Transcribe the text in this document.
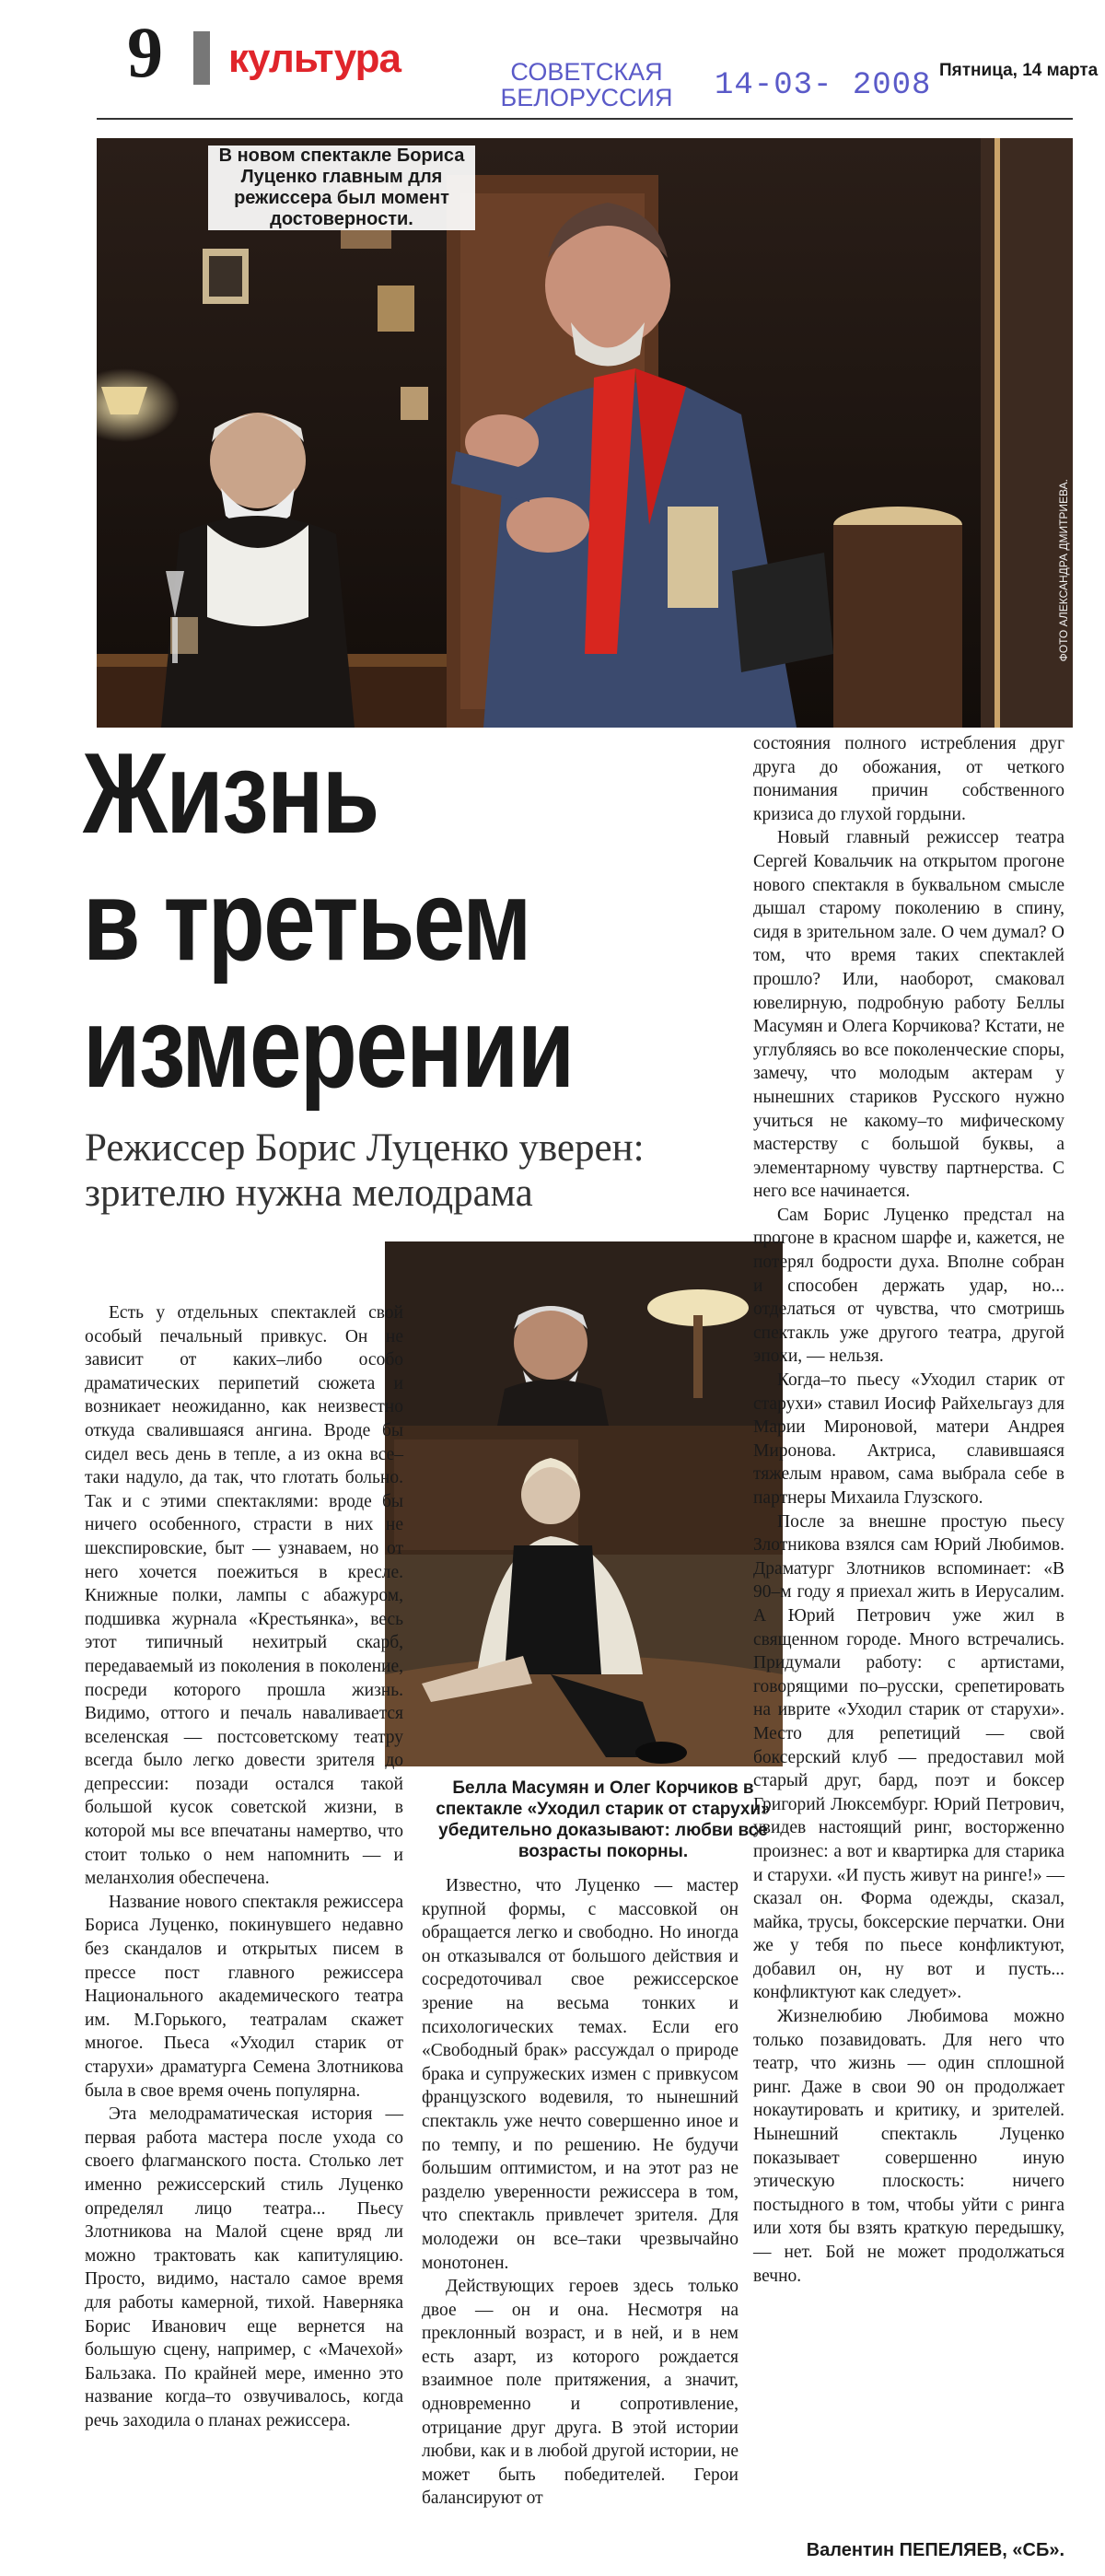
9 культура	СОВЕТСКАЯ
БЕЛОРУССИЯ 14-03- 2008 Пятница, 14 марта
В новом спектакле Бориса Луценко главным для режиссера был момент достоверности.
ФОТО АЛЕКСАНДРА ДМИТРИЕВА.
Жизнь
в третьем
измерении
Режиссер Борис Луценко уверен: зрителю нужна мелодрама
Белла Масумян и Олег Корчиков в спектакле «Уходил старик от старухи» убедительно доказывают: любви все возрасты покорны.

Есть у отдельных спектаклей свой особый печальный привкус. Он не зависит от каких–либо особо драматических перипетий сюжета и возникает неожиданно, как неизвестно откуда свалившаяся ангина. Вроде бы сидел весь день в тепле, а из окна все–таки надуло, да так, что глотать больно. Так и с этими спектаклями: вроде бы ничего особенного, страсти в них не шекспировские, быт — узнаваем, но от него хочется поежиться в кресле. Книжные полки, лампы с абажуром, подшивка журнала «Крестьянка», весь этот типичный нехитрый скарб, передаваемый из поколения в поколение, посреди которого прошла жизнь. Видимо, оттого и печаль наваливается вселенская — постсоветскому театру всегда было легко довести зрителя до депрессии: позади остался такой большой кусок советской жизни, в которой мы все впечатаны намертво, что стоит только о нем напомнить — и меланхолия обеспечена.

Название нового спектакля режиссера Бориса Луценко, покинувшего недавно без скандалов и открытых писем в прессе пост главного режиссера Национального академического театра им. М.Горького, театралам скажет многое. Пьеса «Уходил старик от старухи» драматурга Семена Злотникова была в свое время очень популярна.

Эта мелодраматическая история — первая работа мастера после ухода со своего флагманского поста. Столько лет именно режиссерский стиль Луценко определял лицо театра... Пьесу Злотникова на Малой сцене вряд ли можно трактовать как капитуляцию. Просто, видимо, настало самое время для работы камерной, тихой. Наверняка Борис Иванович еще вернется на большую сцену, например, с «Мачехой» Бальзака. По крайней мере, именно это название когда–то озвучивалось, когда речь заходила о планах режиссера.

Известно, что Луценко — мастер крупной формы, с массовкой он обращается легко и свободно. Но иногда он отказывался от большого действия и сосредоточивал свое режиссерское зрение на весьма тонких и психологических темах. Если его «Свободный брак» рассуждал о природе брака и супружеских измен с привкусом французского водевиля, то нынешний спектакль уже нечто совершенно иное и по темпу, и по решению. Не будучи большим оптимистом, и на этот раз не разделю уверенности режиссера в том, что спектакль привлечет зрителя. Для молодежи он все–таки чрезвычайно монотонен.

Действующих героев здесь только двое — он и она. Несмотря на преклонный возраст, и в ней, и в нем есть азарт, из которого рождается взаимное поле притяжения, а значит, одновременно и сопротивление, отрицание друг друга. В этой истории любви, как и в любой другой истории, не может быть победителей. Герои балансируют от

состояния полного истребления друг друга до обожания, от четкого понимания причин собственного кризиса до глухой гордыни.

Новый главный режиссер театра Сергей Ковальчик на открытом прогоне нового спектакля в буквальном смысле дышал старому поколению в спину, сидя в зрительном зале. О чем думал? О том, что время таких спектаклей прошло? Или, наоборот, смаковал ювелирную, подробную работу Беллы Масумян и Олега Корчикова? Кстати, не углубляясь во все поколенческие споры, замечу, что молодым актерам у нынешних стариков Русского нужно учиться не какому–то мифическому мастерству с большой буквы, а элементарному чувству партнерства. С него все начинается.

Сам Борис Луценко предстал на прогоне в красном шарфе и, кажется, не потерял бодрости духа. Вполне собран и способен держать удар, но... отделаться от чувства, что смотришь спектакль уже другого театра, другой эпохи, — нельзя.

Когда–то пьесу «Уходил старик от старухи» ставил Иосиф Райхельгауз для Марии Мироновой, матери Андрея Миронова. Актриса, славившаяся тяжелым нравом, сама выбрала себе в партнеры Михаила Глузского.

После за внешне простую пьесу Злотникова взялся сам Юрий Любимов. Драматург Злотников вспоминает: «В 90–м году я приехал жить в Иерусалим. А Юрий Петрович уже жил в священном городе. Много встречались. Придумали работу: с артистами, говорящими по–русски, срепетировать на иврите «Уходил старик от старухи». Место для репетиций — свой боксерский клуб — предоставил мой старый друг, бард, поэт и боксер Григорий Люксембург. Юрий Петрович, увидев настоящий ринг, восторженно произнес: а вот и квартирка для старика и старухи. «И пусть живут на ринге!» — сказал он. Форма одежды, сказал, майка, трусы, боксерские перчатки. Они же у тебя по пьесе конфликтуют, добавил он, ну вот и пусть... конфликтуют как следует».

Жизнелюбию Любимова можно только позавидовать. Для него что театр, что жизнь — один сплошной ринг. Даже в свои 90 он продолжает нокаутировать и критику, и зрителей. Нынешний спектакль Луценко показывает совершенно иную этическую плоскость: ничего постыдного в том, чтобы уйти с ринга или хотя бы взять краткую передышку, — нет. Бой не может продолжаться вечно.

Валентин ПЕПЕЛЯЕВ, «СБ».
